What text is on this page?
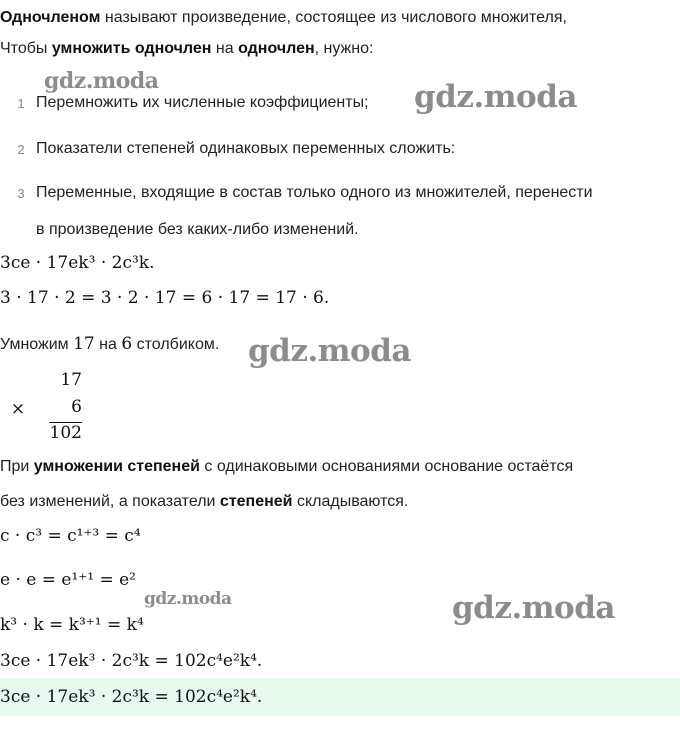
Одночленом называют произведение, состоящее из числового множителя,
Чтобы умножить одночлен на одночлен, нужно:
gdz.moda
1 Перемножить их численные коэффициенты; gdz.moda
2 Показатели степеней одинаковых переменных сложить:
3 Переменные, входящие в состав только одного из множителей, перенести
в произведение без каких-либо изменений.
3ce · 17ek³ · 2c³k.
3 · 17 · 2 = 3 · 2 · 17 = 6 · 17 = 17 · 6.
Умножим 17 на 6 столбиком. gdz.moda
17
×	6
102
При умножении степеней с одинаковыми основаниями основание остаётся
без изменений, а показатели степеней складываются.
c · c³ = c¹⁺³ = c⁴
e · e = e¹⁺¹ = e²
gdz.moda	gdz.moda
k³ · k = k³⁺¹ = k⁴
3ce · 17ek³ · 2c³k = 102c⁴e²k⁴.
3ce · 17ek³ · 2c³k = 102c⁴e²k⁴.
